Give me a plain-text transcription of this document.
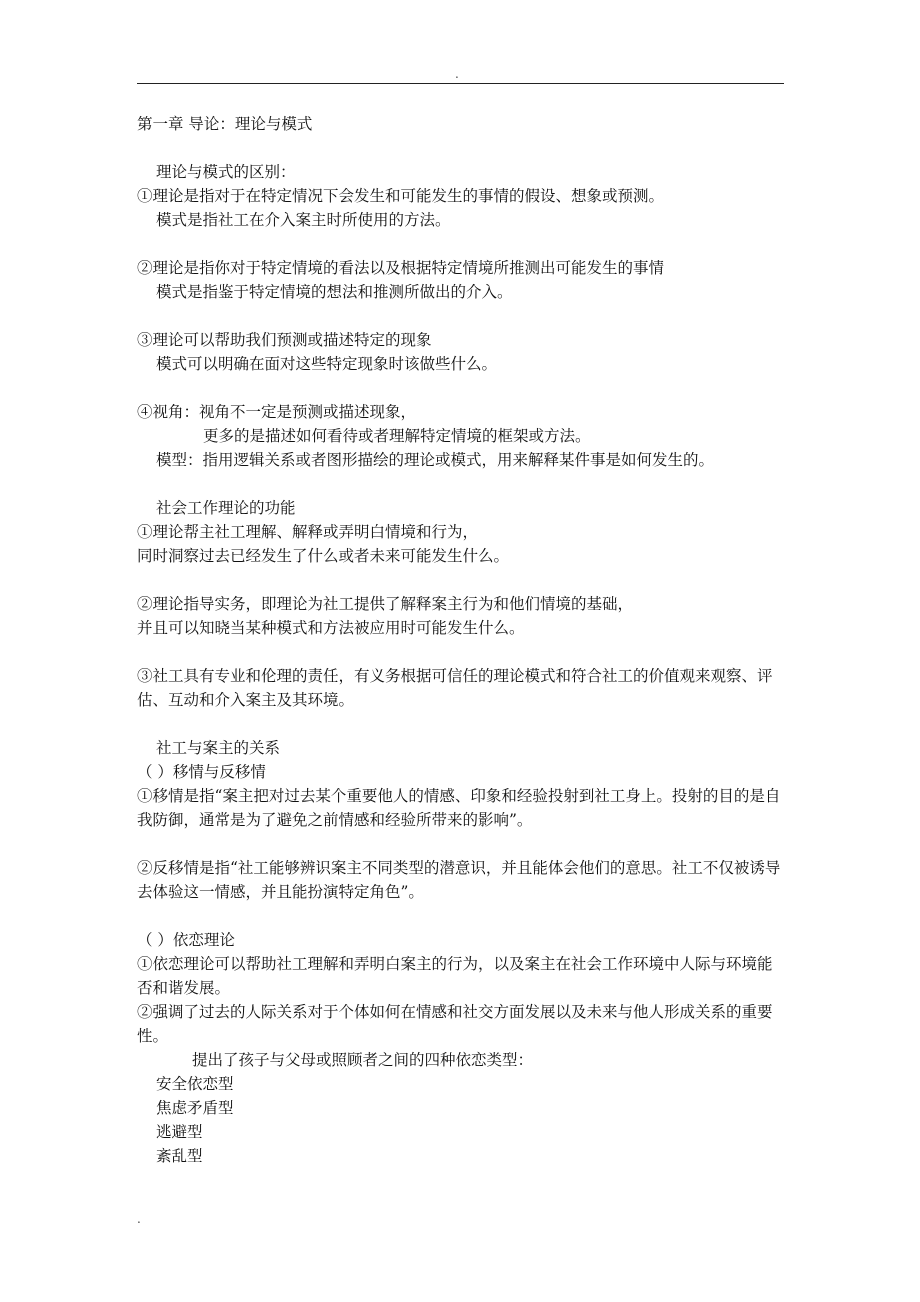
.
第一章 导论：理论与模式
理论与模式的区别：
①理论是指对于在特定情况下会发生和可能发生的事情的假设、想象或预测。
模式是指社工在介入案主时所使用的方法。
②理论是指你对于特定情境的看法以及根据特定情境所推测出可能发生的事情
模式是指鉴于特定情境的想法和推测所做出的介入。
③理论可以帮助我们预测或描述特定的现象
模式可以明确在面对这些特定现象时该做些什么。
④视角：视角不一定是预测或描述现象，
更多的是描述如何看待或者理解特定情境的框架或方法。
模型：指用逻辑关系或者图形描绘的理论或模式，用来解释某件事是如何发生的。
社会工作理论的功能
①理论帮主社工理解、解释或弄明白情境和行为，
同时洞察过去已经发生了什么或者未来可能发生什么。
②理论指导实务，即理论为社工提供了解释案主行为和他们情境的基础，
并且可以知晓当某种模式和方法被应用时可能发生什么。
③社工具有专业和伦理的责任，有义务根据可信任的理论模式和符合社工的价值观来观察、评估、互动和介入案主及其环境。
社工与案主的关系
（ ）移情与反移情
①移情是指“案主把对过去某个重要他人的情感、印象和经验投射到社工身上。投射的目的是自我防御，通常是为了避免之前情感和经验所带来的影响”。
②反移情是指“社工能够辨识案主不同类型的潜意识，并且能体会他们的意思。社工不仅被诱导去体验这一情感，并且能扮演特定角色”。
（ ）依恋理论
①依恋理论可以帮助社工理解和弄明白案主的行为，以及案主在社会工作环境中人际与环境能否和谐发展。
②强调了过去的人际关系对于个体如何在情感和社交方面发展以及未来与他人形成关系的重要性。
提出了孩子与父母或照顾者之间的四种依恋类型：
安全依恋型
焦虑矛盾型
逃避型
紊乱型
.
